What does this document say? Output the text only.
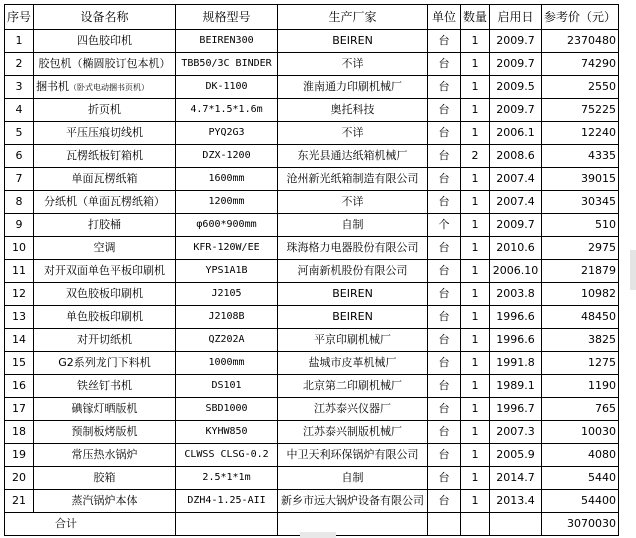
序号	设备名称	规格型号	生产厂家	单位	数量	启用日	参考价（元）
1	四色胶印机	BEIREN300	BEIREN	台	1	2009.7	2370480
2	胶包机（椭圆胶订包本机）	TBB50/3C BINDER	不详	台	1	2009.7	74290
3	捆书机（卧式电动捆书页机）	DK-1100	淮南通力印刷机械厂	台	1	2009.5	2550
4	折页机	4.7*1.5*1.6m	奥托科技	台	1	2009.7	75225
5	平压压痕切线机	PYQ2G3	不详	台	1	2006.1	12240
6	瓦楞纸板钉箱机	DZX-1200	东光县通达纸箱机械厂	台	2	2008.6	4335
7	单面瓦楞纸箱	1600mm	沧州新光纸箱制造有限公司	台	1	2007.4	39015
8	分纸机（单面瓦楞纸箱）	1200mm	不详	台	1	2007.4	30345
9	打胶桶	φ600*900mm	自制	个	1	2009.7	510
10	空调	KFR-120W/EE	珠海格力电器股份有限公司	台	1	2010.6	2975
11	对开双面单色平板印刷机	YPS1A1B	河南新机股份有限公司	台	1	2006.10	21879
12	双色胶板印刷机	J2105	BEIREN	台	1	2003.8	10982
13	单色胶板印刷机	J2108B	BEIREN	台	1	1996.6	48450
14	对开切纸机	QZ202A	平京印刷机械厂	台	1	1996.6	3825
15	G2系列龙门下料机	1000mm	盐城市皮革机械厂	台	1	1991.8	1275
16	铁丝钉书机	DS101	北京第二印刷机械厂	台	1	1989.1	1190
17	碘镓灯晒版机	SBD1000	江苏泰兴仪器厂	台	1	1996.7	765
18	预制板烤版机	KYHW850	江苏泰兴制版机械厂	台	1	2007.3	10030
19	常压热水锅炉	CLWSS CLSG-0.2	中卫天利环保锅炉有限公司	台	1	2005.9	4080
20	胶箱	2.5*1*1m	自制	台	1	2014.7	5440
21	蒸汽锅炉本体	DZH4-1.25-AII	新乡市远大锅炉设备有限公司	台	1	2013.4	54400
合计							3070030
